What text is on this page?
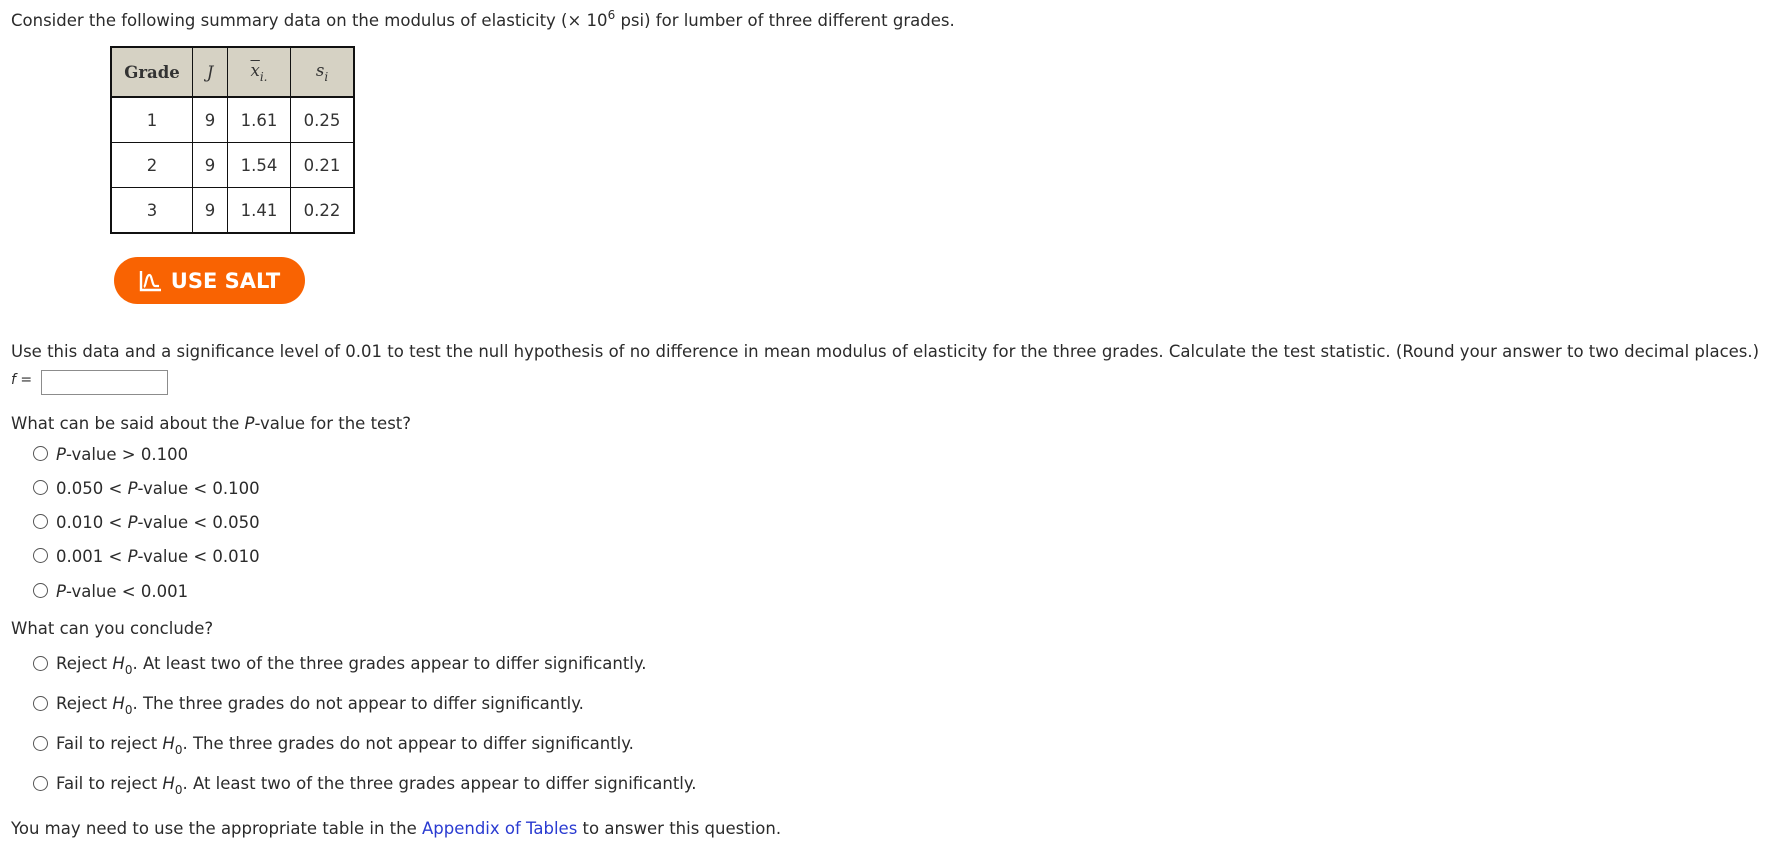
Consider the following summary data on the modulus of elasticity (× $10^6$ psi) for lumber of three different grades.
Grade	J	$\overline{x}_{i.}$	$s_i$
1	9	1.61	0.25
2	9	1.54	0.21
3	9	1.41	0.22
USE SALT
Use this data and a significance level of 0.01 to test the null hypothesis of no difference in mean modulus of elasticity for the three grades. Calculate the test statistic. (Round your answer to two decimal places.)
f =
What can be said about the P-value for the test?
P-value > 0.100
0.050 < P-value < 0.100
0.010 < P-value < 0.050
0.001 < P-value < 0.010
P-value < 0.001
What can you conclude?
Reject $H_0$. At least two of the three grades appear to differ significantly.
Reject $H_0$. The three grades do not appear to differ significantly.
Fail to reject $H_0$. The three grades do not appear to differ significantly.
Fail to reject $H_0$. At least two of the three grades appear to differ significantly.
You may need to use the appropriate table in the Appendix of Tables to answer this question.
